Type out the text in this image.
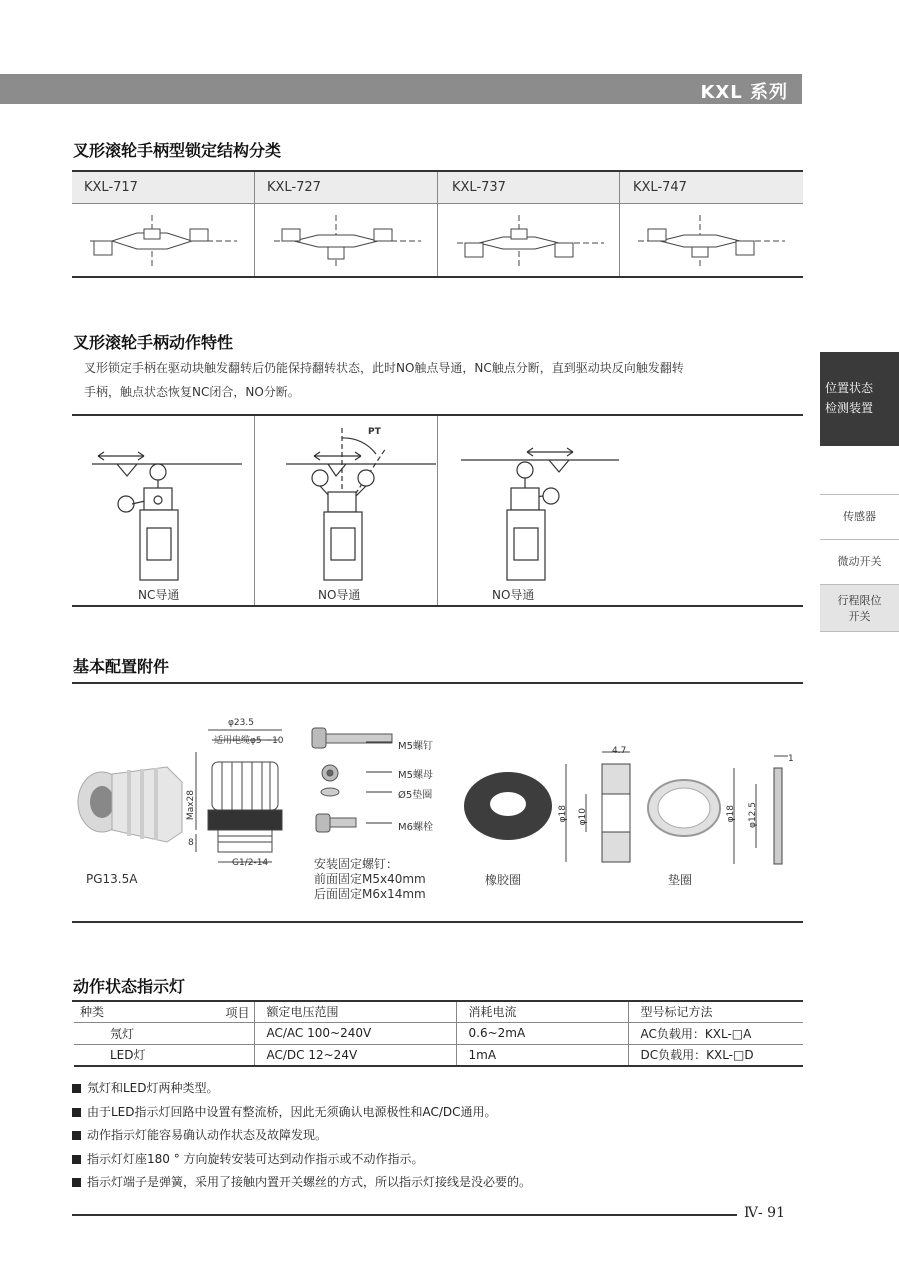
KXL 系列
位置状态
检测装置
传感器
微动开关
行程限位
开关
叉形滚轮手柄型锁定结构分类
KXL-717	KXL-727	KXL-737	KXL-747
叉形滚轮手柄动作特性
叉形锁定手柄在驱动块触发翻转后仍能保持翻转状态，此时NO触点导通，NC触点分断，直到驱动块反向触发翻转
手柄，触点状态恢复NC闭合，NO分断。
PT
NC导通	NO导通	NO导通
基本配置附件
φ23.5
适用电缆φ5 ~10
Max28
8
G1/2-14
M5螺钉
M5螺母
Ø5垫圈
M6螺栓
PG13.5A
安装固定螺钉：
前面固定M5x40mm
后面固定M6x14mm
橡胶圈	垫圈
4.7
φ18 φ10
1
φ18 φ12.5
动作状态指示灯
种类 项目	额定电压范围	消耗电流	型号标记方法
氖灯	AC/AC 100~240V	0.6~2mA	AC负载用：KXL-□A
LED灯	AC/DC 12~24V	1mA	DC负载用：KXL-□D
氖灯和LED灯两种类型。
由于LED指示灯回路中设置有整流桥，因此无须确认电源极性和AC/DC通用。
动作指示灯能容易确认动作状态及故障发现。
指示灯灯座180 ° 方向旋转安装可达到动作指示或不动作指示。
指示灯端子是弹簧，采用了接触内置开关螺丝的方式，所以指示灯接线是没必要的。
Ⅳ- 91
